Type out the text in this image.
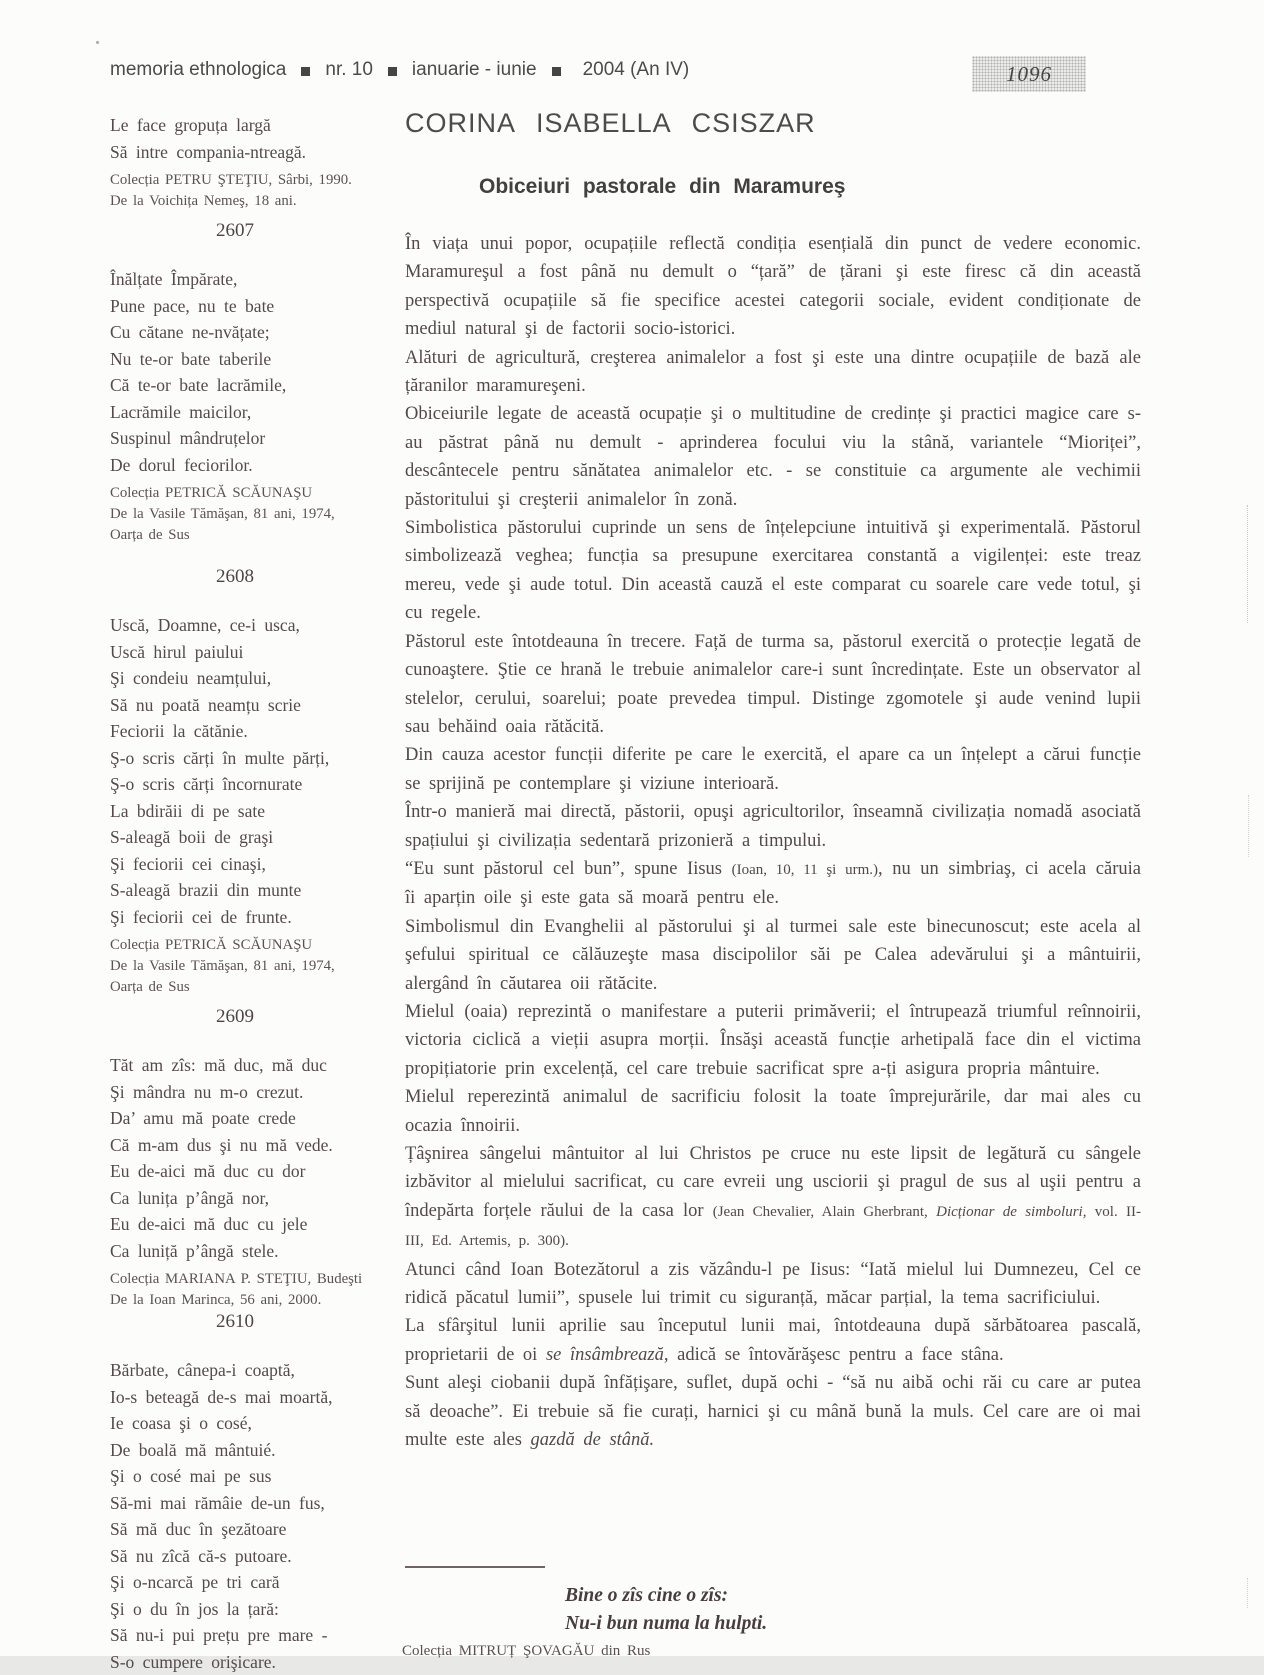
memoria ethnologica nr. 10 ianuarie - iunie 2004 (An IV)	1096
Le face gropuța largă
Să intre compania-ntreagă.
Colecția PETRU ŞTEŢIU, Sârbi, 1990.
De la Voichița Nemeş, 18 ani.
2607
Înălțate Împărate,
Pune pace, nu te bate
Cu cătane ne-nvățate;
Nu te-or bate taberile
Că te-or bate lacrămile,
Lacrămile maicilor,
Suspinul mândruțelor
De dorul feciorilor.
Colecția PETRICĂ SCĂUNAŞU
De la Vasile Tămăşan, 81 ani, 1974,
Oarța de Sus
2608
Uscă, Doamne, ce-i usca,
Uscă hirul paiului
Şi condeiu neamțului,
Să nu poată neamțu scrie
Feciorii la cătănie.
Ş-o scris cărți în multe părți,
Ş-o scris cărți încornurate
La bdirăii di pe sate
S-aleagă boii de graşi
Şi feciorii cei cinaşi,
S-aleagă brazii din munte
Şi feciorii cei de frunte.
Colecția PETRICĂ SCĂUNAŞU
De la Vasile Tămăşan, 81 ani, 1974,
Oarța de Sus
2609
Tăt am zîs: mă duc, mă duc
Şi mândra nu m-o crezut.
Da’ amu mă poate crede
Că m-am dus şi nu mă vede.
Eu de-aici mă duc cu dor
Ca lunița p’ângă nor,
Eu de-aici mă duc cu jele
Ca luniță p’ângă stele.
Colecția MARIANA P. STEŢIU, Budeşti
De la Ioan Marinca, 56 ani, 2000.
2610
Bărbate, cânepa-i coaptă,
Io-s beteagă de-s mai moartă,
Ie coasa şi o cosé,
De boală mă mântuié.
Şi o cosé mai pe sus
Să-mi mai rămâie de-un fus,
Să mă duc în şezătoare
Să nu zîcă că-s putoare.
Şi o-ncarcă pe tri cară
Şi o du în jos la țară:
Să nu-i pui prețu pre mare -
S-o cumpere orişicare.
CORINA ISABELLA CSISZAR
Obiceiuri pastorale din Maramureş

În viața unui popor, ocupațiile reflectă condiția esențială din punct de vedere economic. Maramureşul a fost până nu demult o “țară” de țărani şi este firesc că din această perspectivă ocupațiile să fie specifice acestei categorii sociale, evident condiționate de mediul natural şi de factorii socio-istorici.

Alături de agricultură, creşterea animalelor a fost şi este una dintre ocupațiile de bază ale țăranilor maramureşeni.

Obiceiurile legate de această ocupație şi o multitudine de credințe şi practici magice care s-au păstrat până nu demult - aprinderea focului viu la stână, variantele “Mioriței”, descântecele pentru sănătatea animalelor etc. - se constituie ca argumente ale vechimii păstoritului şi creşterii animalelor în zonă.

Simbolistica păstorului cuprinde un sens de înțelepciune intuitivă şi experimentală. Păstorul simbolizează veghea; funcția sa presupune exercitarea constantă a vigilenței: este treaz mereu, vede şi aude totul. Din această cauză el este comparat cu soarele care vede totul, şi cu regele.

Păstorul este întotdeauna în trecere. Față de turma sa, păstorul exercită o protecție legată de cunoaştere. Ştie ce hrană le trebuie animalelor care-i sunt încredințate. Este un observator al stelelor, cerului, soarelui; poate prevedea timpul. Distinge zgomotele şi aude venind lupii sau behăind oaia rătăcită.

Din cauza acestor funcții diferite pe care le exercită, el apare ca un înțelept a cărui funcție se sprijină pe contemplare şi viziune interioară.

Într-o manieră mai directă, păstorii, opuşi agricultorilor, înseamnă civilizația nomadă asociată spațiului şi civilizația sedentară prizonieră a timpului.

“Eu sunt păstorul cel bun”, spune Iisus (Ioan, 10, 11 şi urm.), nu un simbriaş, ci acela căruia îi aparțin oile şi este gata să moară pentru ele.

Simbolismul din Evanghelii al păstorului şi al turmei sale este binecunoscut; este acela al şefului spiritual ce călăuzeşte masa discipolilor săi pe Calea adevărului şi a mântuirii, alergând în căutarea oii rătăcite.

Mielul (oaia) reprezintă o manifestare a puterii primăverii; el întrupează triumful reînnoirii, victoria ciclică a vieții asupra morții. Însăşi această funcție arhetipală face din el victima propițiatorie prin excelență, cel care trebuie sacrificat spre a-ți asigura propria mântuire.

Mielul reperezintă animalul de sacrificiu folosit la toate împrejurările, dar mai ales cu ocazia înnoirii.

Țâşnirea sângelui mântuitor al lui Christos pe cruce nu este lipsit de legătură cu sângele izbăvitor al mielului sacrificat, cu care evreii ung usciorii şi pragul de sus al uşii pentru a îndepărta forțele răului de la casa lor (Jean Chevalier, Alain Gherbrant, Dicționar de simboluri, vol. II-III, Ed. Artemis, p. 300).

Atunci când Ioan Botezătorul a zis văzându-l pe Iisus: “Iată mielul lui Dumnezeu, Cel ce ridică păcatul lumii”, spusele lui trimit cu siguranță, măcar parțial, la tema sacrificiului.

La sfârşitul lunii aprilie sau începutul lunii mai, întotdeauna după sărbătoarea pascală, proprietarii de oi se însâmbrează, adică se întovărăşesc pentru a face stâna.

Sunt aleşi ciobanii după înfățişare, suflet, după ochi - “să nu aibă ochi răi cu care ar putea să deoache”. Ei trebuie să fie curați, harnici şi cu mână bună la muls. Cel care are oi mai multe este ales gazdă de stână.

Bine o zîs cine o zîs:
Nu-i bun numa la hulpti.
Colecția MITRUȚ ŞOVAGĂU din Rus
